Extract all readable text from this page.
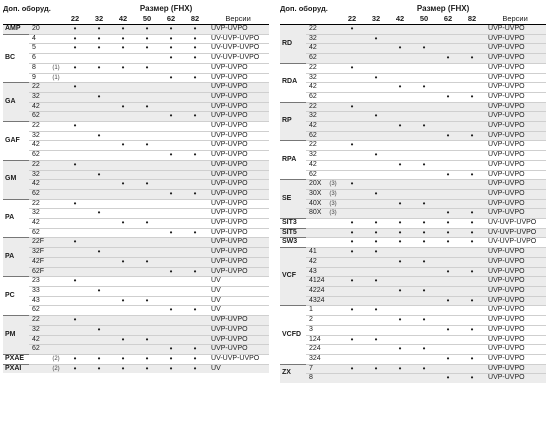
Доп. оборуд.			Размер (FHX)						
			22	32	42	50	62	82	Версии
AMP	20		•	•	•	•	•	•	UVP-UVPO
BC	4		•	•	•	•	•	•	UV-UVP-UVPO
	5		•	•	•	•	•	•	UV-UVP-UVPO
	6						•	•	UV-UVP-UVPO
	8	(1)	•	•	•	•			UVP-UVPO
	9	(1)					•	•	UVP-UVPO
GA	22		•						UVP-UVPO
	32			•					UVP-UVPO
	42				•	•			UVP-UVPO
	62						•	•	UVP-UVPO
GAF	22		•						UVP-UVPO
	32			•					UVP-UVPO
	42				•	•			UVP-UVPO
	62						•	•	UVP-UVPO
GM	22		•						UVP-UVPO
	32			•					UVP-UVPO
	42				•	•			UVP-UVPO
	62						•	•	UVP-UVPO
PA	22		•						UVP-UVPO
	32			•					UVP-UVPO
	42				•	•			UVP-UVPO
	62						•	•	UVP-UVPO
PA	22F		•						UVP-UVPO
	32F			•					UVP-UVPO
	42F				•	•			UVP-UVPO
	62F						•	•	UVP-UVPO
PC	23		•						UV
	33			•					UV
	43				•	•			UV
	62						•	•	UV
PM	22		•						UVP-UVPO
	32			•					UVP-UVPO
	42				•	•			UVP-UVPO
	62						•	•	UVP-UVPO
PXAE		(2)	•	•	•	•	•	•	UV-UVP-UVPO
PXAI		(2)	•	•	•	•	•	•	UV
Доп. оборуд.			Размер (FHX)						
			22	32	42	50	62	82	Версии
RD	22		•						UVP-UVPO
	32			•					UVP-UVPO
	42				•	•			UVP-UVPO
	62						•	•	UVP-UVPO
RDA	22		•						UVP-UVPO
	32			•					UVP-UVPO
	42				•	•			UVP-UVPO
	62						•	•	UVP-UVPO
RP	22		•						UVP-UVPO
	32			•					UVP-UVPO
	42				•	•			UVP-UVPO
	62						•	•	UVP-UVPO
RPA	22		•						UVP-UVPO
	32			•					UVP-UVPO
	42				•	•			UVP-UVPO
	62						•	•	UVP-UVPO
SE	20X	(3)	•						UVP-UVPO
	30X	(3)		•					UVP-UVPO
	40X	(3)			•	•			UVP-UVPO
	80X	(3)					•	•	UVP-UVPO
SIT3			•	•	•	•	•	•	UV-UVP-UVPO
SIT5			•	•	•	•	•	•	UV-UVP-UVPO
SW3			•	•	•	•	•	•	UV-UVP-UVPO
VCF	41		•	•					UVP-UVPO
	42				•	•			UVP-UVPO
	43						•	•	UVP-UVPO
	4124		•	•					UVP-UVPO
	4224				•	•			UVP-UVPO
	4324						•	•	UVP-UVPO
VCFD	1		•	•					UVP-UVPO
	2				•	•			UVP-UVPO
	3						•	•	UVP-UVPO
	124		•	•					UVP-UVPO
	224				•	•			UVP-UVPO
	324						•	•	UVP-UVPO
ZX	7		•	•	•	•			UVP-UVPO
	8						•	•	UVP-UVPO
